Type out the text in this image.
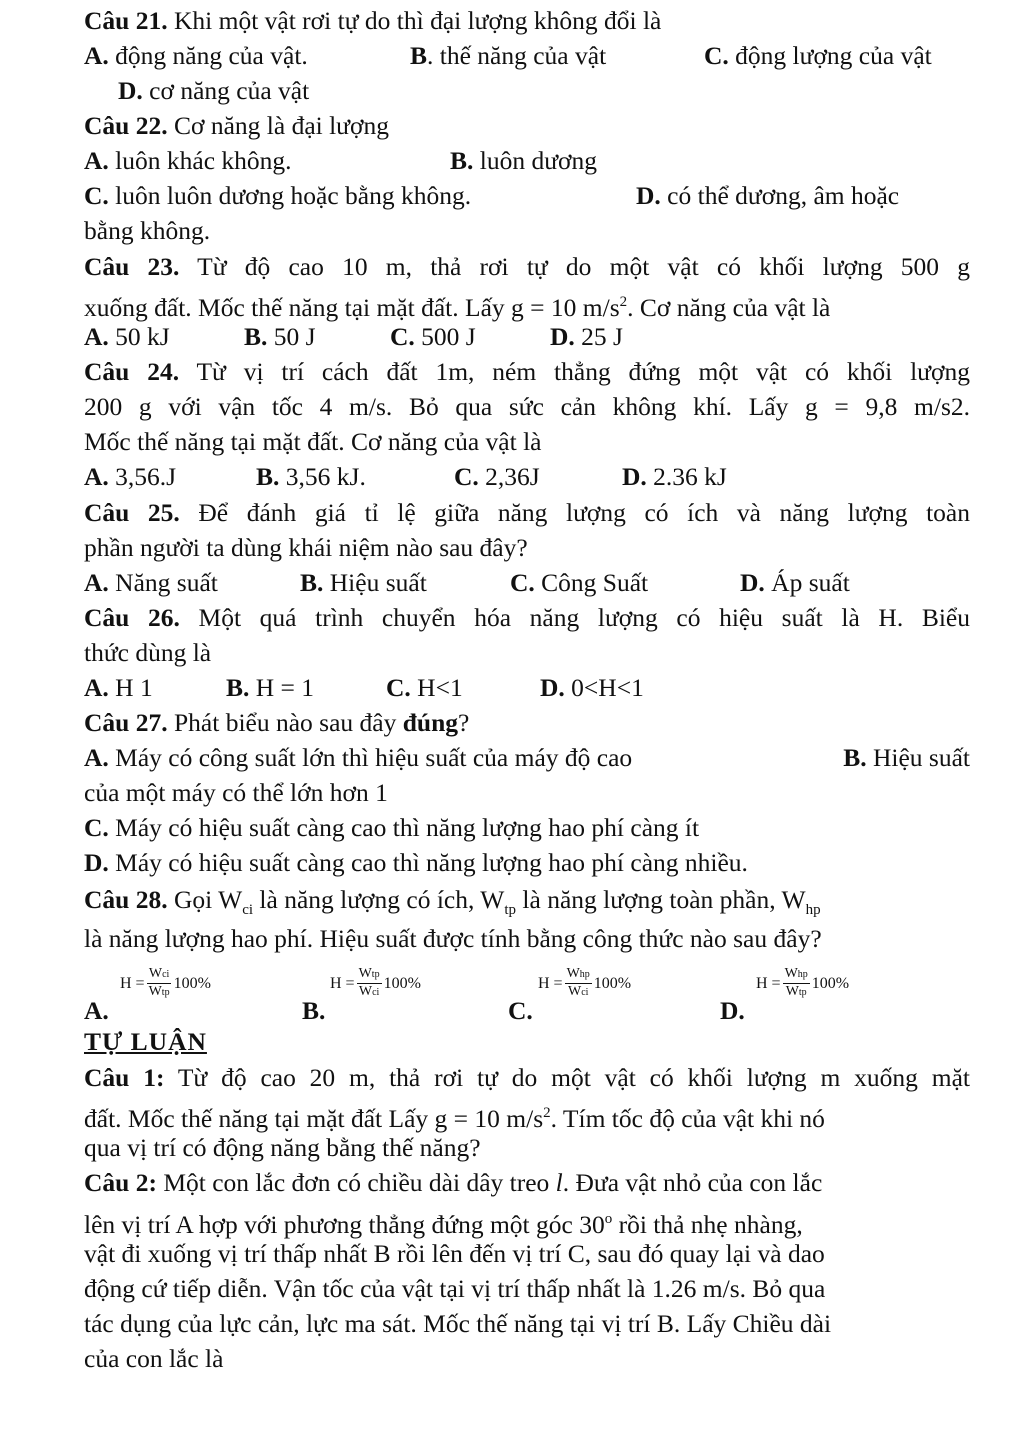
Câu 21. Khi một vật rơi tự do thì đại lượng không đổi là
A. động năng của vật.	B. thế năng của vật	C. động lượng của vật
D. cơ năng của vật
Câu 22. Cơ năng là đại lượng
A. luôn khác không.	B. luôn dương
C. luôn luôn dương hoặc bằng không.	D. có thể dương, âm hoặc
bằng không.
Câu 23. Từ độ cao 10 m, thả rơi tự do một vật có khối lượng 500 g
xuống đất. Mốc thế năng tại mặt đất. Lấy g = 10 $m/s^2$. Cơ năng của vật là
A. 50 kJ	B. 50 J	C. 500 J	D. 25 J
Câu 24. Từ vị trí cách đất 1m, ném thẳng đứng một vật có khối lượng
200 g với vận tốc 4 m/s. Bỏ qua sức cản không khí. Lấy g = 9,8 m/s2.
Mốc thế năng tại mặt đất. Cơ năng của vật là
A. 3,56.J	B. 3,56 kJ.	C. 2,36J	D. 2.36 kJ
Câu 25. Để đánh giá tỉ lệ giữa năng lượng có ích và năng lượng toàn
phần người ta dùng khái niệm nào sau đây?
A. Năng suất	B. Hiệu suất	C. Công Suất	D. Áp suất
Câu 26. Một quá trình chuyển hóa năng lượng có hiệu suất là H. Biểu
thức dùng là
A. H 1	B. H = 1	C. H<1	D. 0<H<1
Câu 27. Phát biểu nào sau đây đúng?
A. Máy có công suất lớn thì hiệu suất của máy độ cao	B. Hiệu suất
của một máy có thể lớn hơn 1
C. Máy có hiệu suất càng cao thì năng lượng hao phí càng ít
D. Máy có hiệu suất càng cao thì năng lượng hao phí càng nhiều.
Câu 28. Gọi $W_{ci}$ là năng lượng có ích, $W_{tp}$ là năng lượng toàn phần, $W_{hp}$
là năng lượng hao phí. Hiệu suất được tính bằng công thức nào sau đây?
A.
$H = \frac{\text{Wci}}{\text{Wtp}} 100\%$
B.
$H = \frac{\text{Wtp}}{\text{Wci}} 100\%$
C.
$H = \frac{\text{Whp}}{\text{Wci}} 100\%$
D.
$H = \frac{\text{Whp}}{\text{Wtp}} 100\%$
TỰ LUẬN
Câu 1: Từ độ cao 20 m, thả rơi tự do một vật có khối lượng m xuống mặt
đất. Mốc thế năng tại mặt đất Lấy g = 10 $m/s^2$. Tím tốc độ của vật khi nó
qua vị trí có động năng bằng thế năng?
Câu 2: Một con lắc đơn có chiều dài dây treo l. Đưa vật nhỏ của con lắc
lên vị trí A hợp với phương thẳng đứng một góc 30$^o$ rồi thả nhẹ nhàng,
vật đi xuống vị trí thấp nhất B rồi lên đến vị trí C, sau đó quay lại và dao
động cứ tiếp diễn. Vận tốc của vật tại vị trí thấp nhất là 1.26 m/s. Bỏ qua
tác dụng của lực cản, lực ma sát. Mốc thế năng tại vị trí B. Lấy Chiều dài
của con lắc là
